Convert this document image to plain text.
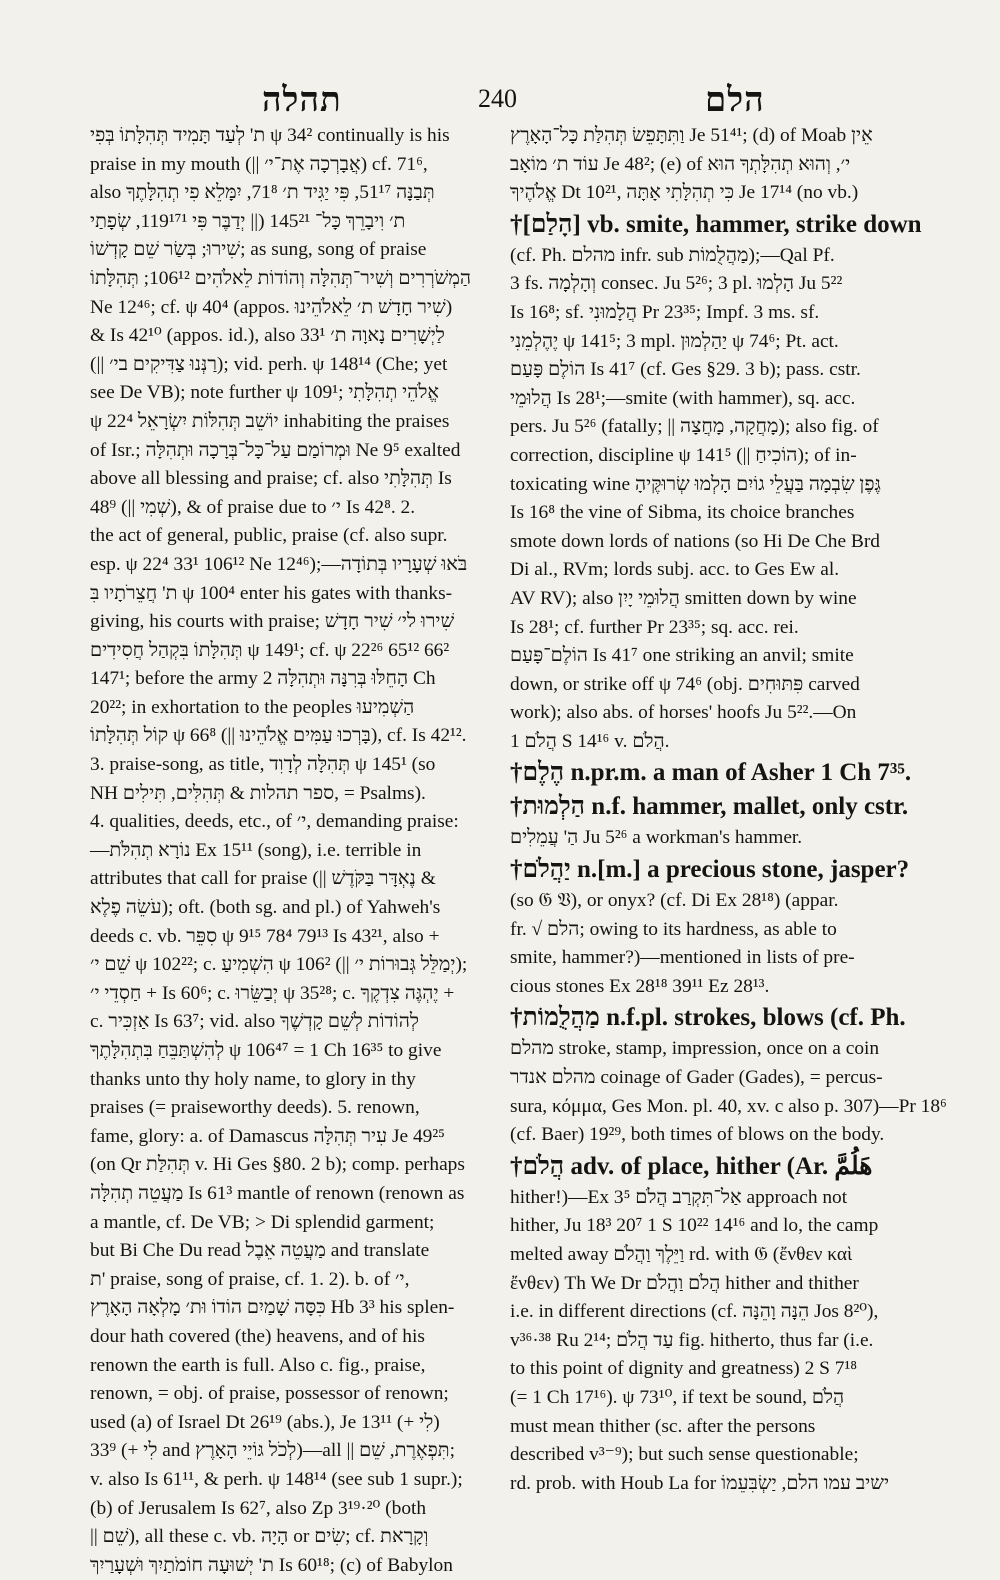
תהלה	240	הלם
ת' לְעַד תָּמִיד תְּהִלָּתוֹ בְּפִי ψ 34² continually is his
praise in my mouth (|| אֲבָרְכָה אֶת־י׳) cf. 71⁶,
also תְּבַנָּה 51¹⁷, פִּי יַגִּיד ת׳ 71⁸, יִמָּלֵא פִי תְהִלָּתֶךָ
ת׳ וִיבָרֵךְ כָּל־ 145²¹ (|| יְדַבֶּר פִּי 119¹⁷¹, שְׂפָתַי
שִׁירוּ; בְּשַׂר שֵׁם קָדְשׁוֹ; as sung, song of praise
הַמְשֹׁרְרִים וְשִׁיר־תְּהִלָּה וְהוֹדוֹת לֵאלֹהִים 106¹²; תְּהִלָּתוֹ
Ne 12⁴⁶; cf. ψ 40⁴ (appos. שִׁיר חָדָשׁ ת׳ לֵאלֹהֵינוּ)
& Is 42¹⁰ (appos. id.), also 33¹ לַיְשָׁרִים נָאוָה ת׳
(|| רַנְּנוּ צַדִּיקִים בי׳); vid. perh. ψ 148¹⁴ (Che; yet
see De VB); note further ψ 109¹; אֱלֹהֵי תְהִלָּתִי
ψ 22⁴ יוֹשֵׁב תְּהִלּוֹת יִשְׂרָאֵל inhabiting the praises
of Isr.; וּמְרוֹמַם עַל־כָּל־בְּרָכָה וּתְהִלָּה Ne 9⁵ exalted
above all blessing and praise; cf. also תְּהִלָּתִי Is
48⁹ (|| שְׁמִי), & of praise due to י׳ Is 42⁸. 2.
the act of general, public, praise (cf. also supr.
esp. ψ 22⁴ 33¹ 106¹² Ne 12⁴⁶);—בֹּאוּ שְׁעָרָיו בְּתוֹדָה
ת' חֲצֵרֹתָיו בִּ ψ 100⁴ enter his gates with thanks-
giving, his courts with praise; שִׁירוּ לי׳ שִׁיר חָדָשׁ
תְּהִלָּתוֹ בִּקְהַל חֲסִידִים ψ 149¹; cf. ψ 22²⁶ 65¹² 66²
147¹; before the army הָחֵלּוּ בְּרִנָּה וּתְהִלָּה 2 Ch
20²²; in exhortation to the peoples הַשְׁמִיעוּ
קוֹל תְּהִלָּתוֹ ψ 66⁸ (|| בָּרְכוּ עַמִּים אֱלֹהֵינוּ), cf. Is 42¹².
3. praise-song, as title, תְּהִלָּה לְדָוִד ψ 145¹ (so
NH ספר תהלות & תְּהִלִּים, תִּילִים, = Psalms).
4. qualities, deeds, etc., of י׳, demanding praise:
—נוֹרָא תְהִלֹּת Ex 15¹¹ (song), i.e. terrible in
attributes that call for praise (|| נֶאְדָּר בַּקֹּדֶשׁ &
עֹשֵׂה פֶלֶא); oft. (both sg. and pl.) of Yahweh's
deeds c. vb. סִפֵּר ψ 9¹⁵ 78⁴ 79¹³ Is 43²¹, also +
שֵׁם י׳ ψ 102²²; c. הִשְׁמִיעַ ψ 106² (|| יְמַלֵּל גְּבוּרוֹת י׳);
חַסְדֵי י׳ + Is 60⁶; c. יְבַשֵּׂרוּ ψ 35²⁸; c. יֶהְגֶּה צִדְקֶךָ +
c. אַזְכִּיר Is 63⁷; vid. also לְהוֹדוֹת לְשֵׁם קָדְשֶׁךָ
לְהִשְׁתַּבֵּחַ בִּתְהִלָּתֶךָ ψ 106⁴⁷ = 1 Ch 16³⁵ to give
thanks unto thy holy name, to glory in thy
praises (= praiseworthy deeds). 5. renown,
fame, glory: a. of Damascus עִיר תְּהִלָּה Je 49²⁵
(on Qr תְּהִלַּת v. Hi Ges §80. 2 b); comp. perhaps
מַעֲטֵה תְהִלָּה Is 61³ mantle of renown (renown as
a mantle, cf. De VB; > Di splendid garment;
but Bi Che Du read מַעֲטֵה אֵבֶל and translate
ת' praise, song of praise, cf. 1. 2). b. of י׳,
כִּסָּה שָׁמַיִם הוֹדוֹ וּת׳ מָלְאָה הָאָרֶץ Hb 3³ his splen-
dour hath covered (the) heavens, and of his
renown the earth is full. Also c. fig., praise,
renown, = obj. of praise, possessor of renown;
used (a) of Israel Dt 26¹⁹ (abs.), Je 13¹¹ (+ לִי)
33⁹ (+ לִי and לְכֹל גּוֹיֵי הָאָרֶץ)—all || תִּפְאֶרֶת, שֵׁם;
v. also Is 61¹¹, & perh. ψ 148¹⁴ (see sub 1 supr.);
(b) of Jerusalem Is 62⁷, also Zp 3¹⁹·²⁰ (both
|| שֵׁם), all these c. vb. הָיָה or שִׂים; cf. וְקָרָאת
ת' יְשׁוּעָה חוֹמֹתַיִךְ וּשְׁעָרַיִךְ Is 60¹⁸; (c) of Babylon
וַתִּתָּפֵשׂ תְּהִלַּת כָּל־הָאָרֶץ Je 51⁴¹; (d) of Moab אֵין
עוֹד ת׳ מוֹאָב Je 48²; (e) of י׳, וְהוּא תְהִלָּתְךָ הוּא
אֱלֹהֶיךָ Dt 10²¹, כִּי תְהִלָּתִי אָתָּה Je 17¹⁴ (no vb.)
†[הָלַם] vb. smite, hammer, strike down
(cf. Ph. מהלם infr. sub מַהֲלֻמוֹת);—Qal Pf.
3 fs. וְהָלְמָה consec. Ju 5²⁶; 3 pl. הָלְמוּ Ju 5²²
Is 16⁸; sf. הֲלָמוּנִי Pr 23³⁵; Impf. 3 ms. sf.
יֶהֶלְמֵנִי ψ 141⁵; 3 mpl. יַהַלְמוּן ψ 74⁶; Pt. act.
הוֹלֶם פָּעַם Is 41⁷ (cf. Ges §29. 3 b); pass. cstr.
הֲלוּמֵי Is 28¹;—smite (with hammer), sq. acc.
pers. Ju 5²⁶ (fatally; || מָחֲקָה, מָחֲצָה); also fig. of
correction, discipline ψ 141⁵ (|| הוֹכִיחַ); of in-
toxicating wine גֶּפֶן שִׂבְמָה בַּעֲלֵי גוֹיִם הָלְמוּ שְׂרוּקֶּיהָ
Is 16⁸ the vine of Sibma, its choice branches
smote down lords of nations (so Hi De Che Brd
Di al., RVm; lords subj. acc. to Ges Ew al.
AV RV); also הֲלוּמֵי יָיִן smitten down by wine
Is 28¹; cf. further Pr 23³⁵; sq. acc. rei.
הוֹלֶם־פָּעַם Is 41⁷ one striking an anvil; smite
down, or strike off ψ 74⁶ (obj. פִּתּוּחִים carved
work); also abs. of horses' hoofs Ju 5²².—On
הֲלֹם 1 S 14¹⁶ v. הֲלֹם.
†הֶלֶם n.pr.m. a man of Asher 1 Ch 7³⁵.
†הַלְמוּת n.f. hammer, mallet, only cstr.
הַ' עֲמֵלִים Ju 5²⁶ a workman's hammer.
†יַהֲלֹם n.[m.] a precious stone, jasper?
(so 𝔊 𝔙), or onyx? (cf. Di Ex 28¹⁸) (appar.
fr. √ הלם; owing to its hardness, as able to
smite, hammer?)—mentioned in lists of pre-
cious stones Ex 28¹⁸ 39¹¹ Ez 28¹³.
†מַהֲלֻמוֹת n.f.pl. strokes, blows (cf. Ph.
מהלם stroke, stamp, impression, once on a coin
מהלם אנדר coinage of Gader (Gades), = percus-
sura, κόμμα, Ges Mon. pl. 40, xv. c also p. 307)—Pr 18⁶
(cf. Baer) 19²⁹, both times of blows on the body.
†הֲלֹם adv. of place, hither (Ar. هَلُمَّ
hither!)—Ex 3⁵ אַל־תִּקְרַב הֲלֹם approach not
hither, Ju 18³ 20⁷ 1 S 10²² 14¹⁶ and lo, the camp
melted away וַיֵּלֶךְ וַהֲלֹם rd. with 𝔊 (ἔνθεν καὶ
ἔνθεν) Th We Dr הֲלֹם וַהֲלֹם hither and thither
i.e. in different directions (cf. הֵנָּה וָהֵנָּה Jos 8²⁰),
v³⁶·³⁸ Ru 2¹⁴; עַד הֲלֹם fig. hitherto, thus far (i.e.
to this point of dignity and greatness) 2 S 7¹⁸
(= 1 Ch 17¹⁶). ψ 73¹⁰, if text be sound, הֲלֹם
must mean thither (sc. after the persons
described v³⁻⁹); but such sense questionable;
rd. prob. with Houb La for ישיב עמו הלם, יַשְׂבִּעֵמוֹ
